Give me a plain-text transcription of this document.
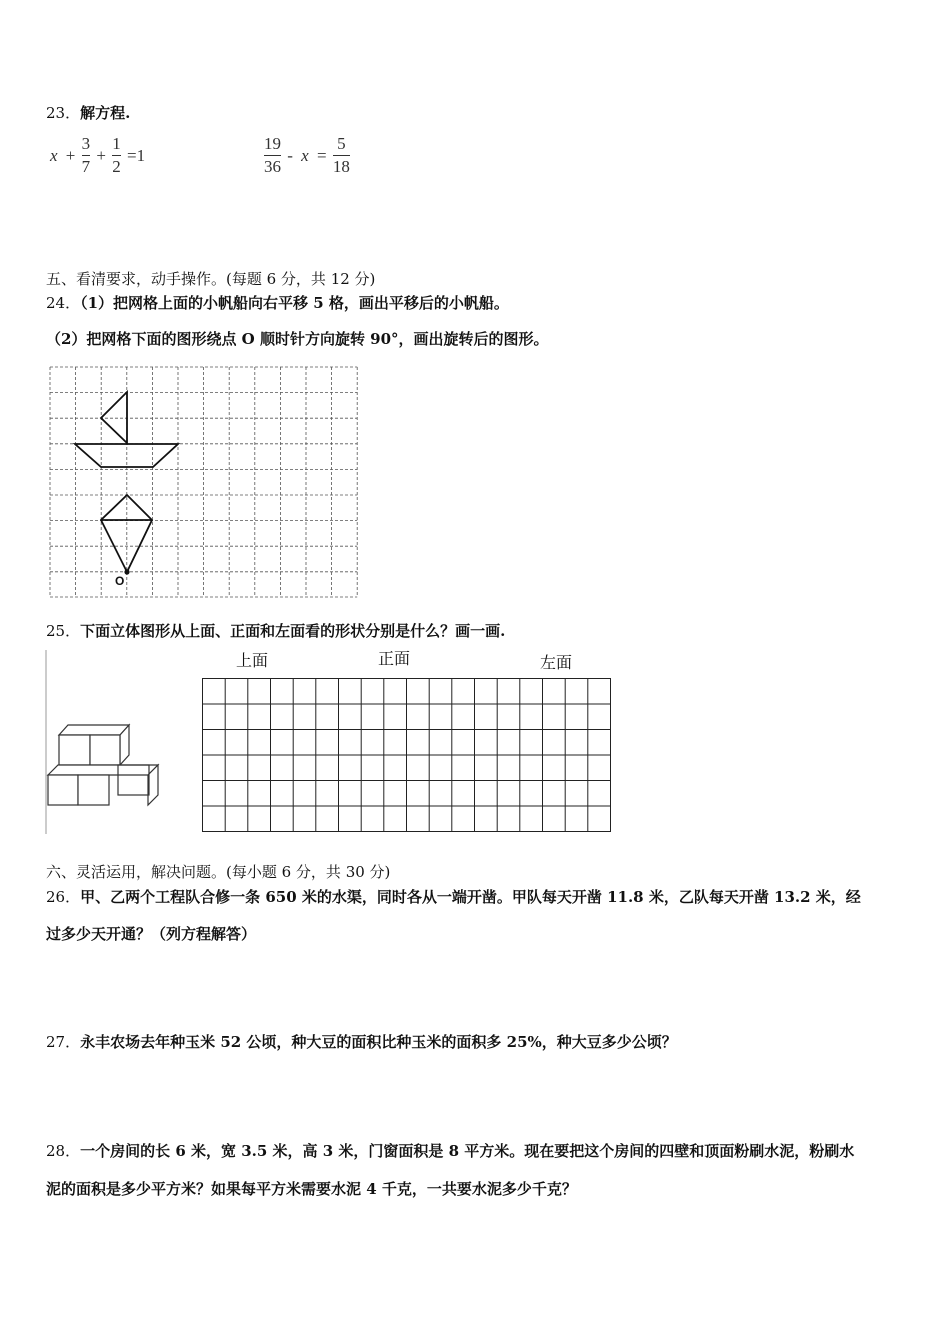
23．解方程.
$x + \frac{3}{7} + \frac{1}{2} =1$	$\frac{19}{36} - x = \frac{5}{18}$
五、看清要求，动手操作。(每题 6 分，共 12 分)
24．（1）把网格上面的小帆船向右平移 5 格，画出平移后的小帆船。
（2）把网格下面的图形绕点 O 顺时针方向旋转 90°，画出旋转后的图形。
O
25．下面立体图形从上面、正面和左面看的形状分别是什么？画一画.
上面	正面	左面
六、灵活运用，解决问题。(每小题 6 分，共 30 分)
26．甲、乙两个工程队合修一条 650 米的水渠，同时各从一端开凿。甲队每天开凿 11.8 米，乙队每天开凿 13.2 米，经
过多少天开通？（列方程解答）
27．永丰农场去年种玉米 52 公顷，种大豆的面积比种玉米的面积多 25%，种大豆多少公顷？
28．一个房间的长 6 米，宽 3.5 米，高 3 米，门窗面积是 8 平方米。现在要把这个房间的四壁和顶面粉刷水泥，粉刷水
泥的面积是多少平方米？如果每平方米需要水泥 4 千克，一共要水泥多少千克？
